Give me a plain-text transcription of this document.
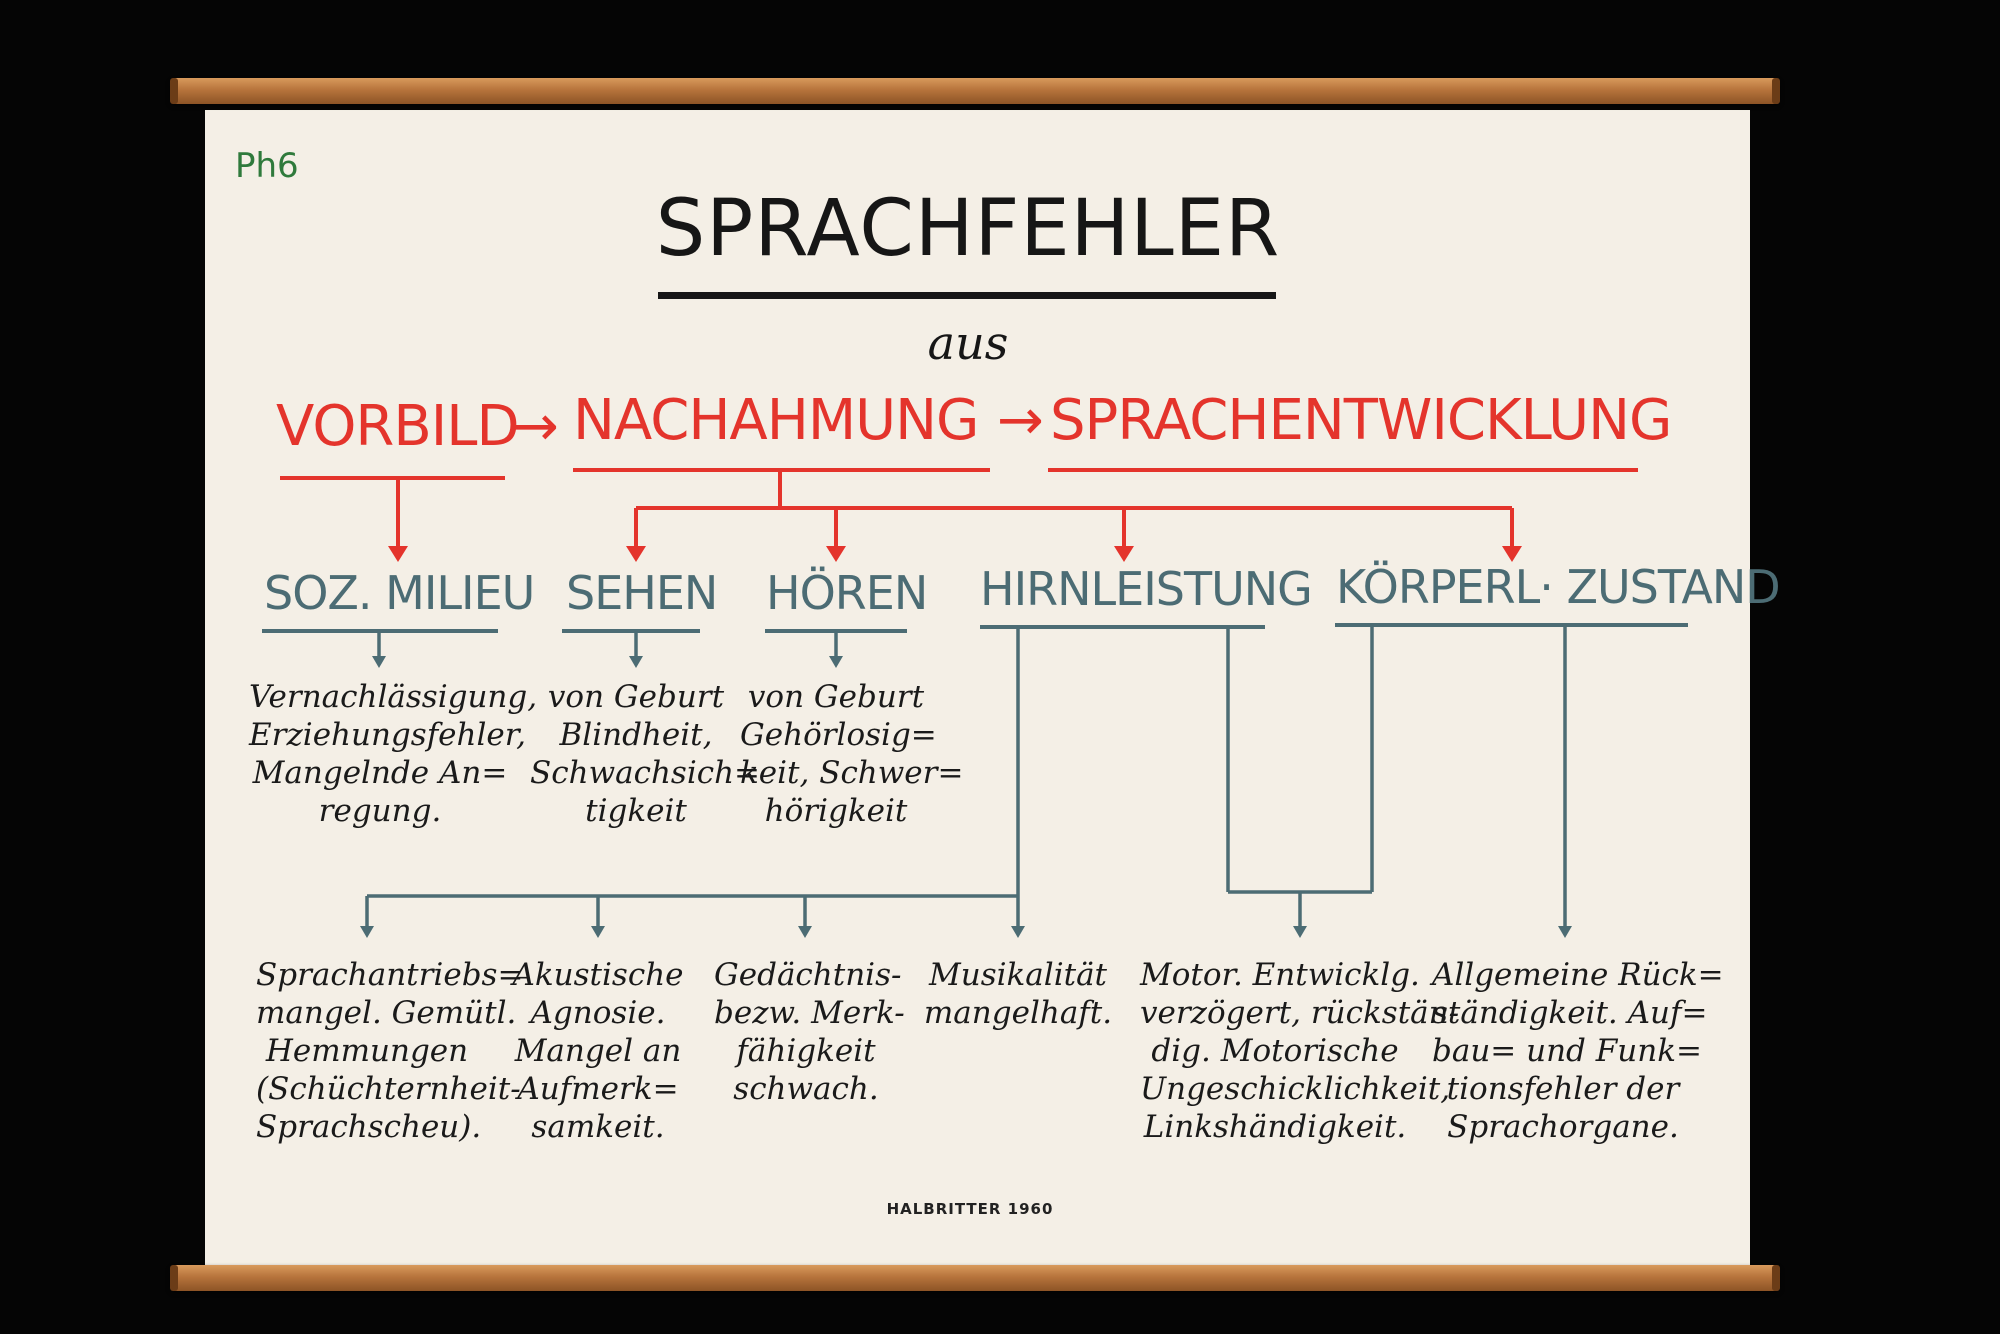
Ph6
SPRACHFEHLER
aus
VORBILD
→ NACHAHMUNG → SPRACHENTWICKLUNG
SOZ. MILIEU SEHEN HÖREN HIRNLEISTUNG KÖRPERL· ZUSTAND
Vernachlässigung,
Erziehungsfehler,
Mangelnde An=
regung.
von Geburt
Blindheit,
Schwachsich=
tigkeit
von Geburt
Gehörlosig=
keit, Schwer=
hörigkeit
Sprachantriebs=
mangel. Gemütl.
Hemmungen
(Schüchternheit-
Sprachscheu).
Akustische
Agnosie.
Mangel an
Aufmerk=
samkeit.
Gedächtnis-
bezw. Merk-
fähigkeit
schwach.
Musikalität
mangelhaft.
Motor. Entwicklg.
verzögert, rückstän-
dig. Motorische
Ungeschicklichkeit,
Linkshändigkeit.
Allgemeine Rück=
ständigkeit. Auf=
bau= und Funk=
tionsfehler der
Sprachorgane.
HALBRITTER 1960
